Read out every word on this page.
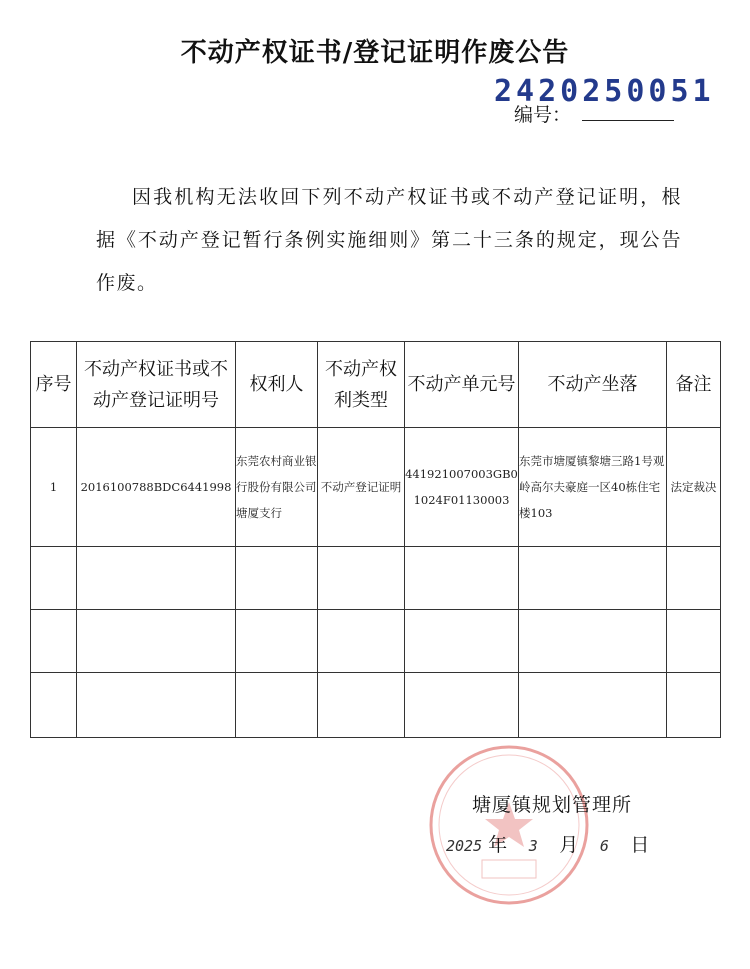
不动产权证书/登记证明作废公告
2420250051
编号：
因我机构无法收回下列不动产权证书或不动产登记证明，根据《不动产登记暂行条例实施细则》第二十三条的规定，现公告作废。
序号	不动产权证书或不动产登记证明号	权利人	不动产权利类型	不动产单元号	不动产坐落	备注
1	2016100788BDC6441998	东莞农村商业银行股份有限公司塘厦支行	不动产登记证明	441921007003GB01024F01130003	东莞市塘厦镇黎塘三路1号观岭高尔夫豪庭一区40栋住宅楼103	法定裁决

塘厦镇规划管理所
2025 年 3 月 6 日
